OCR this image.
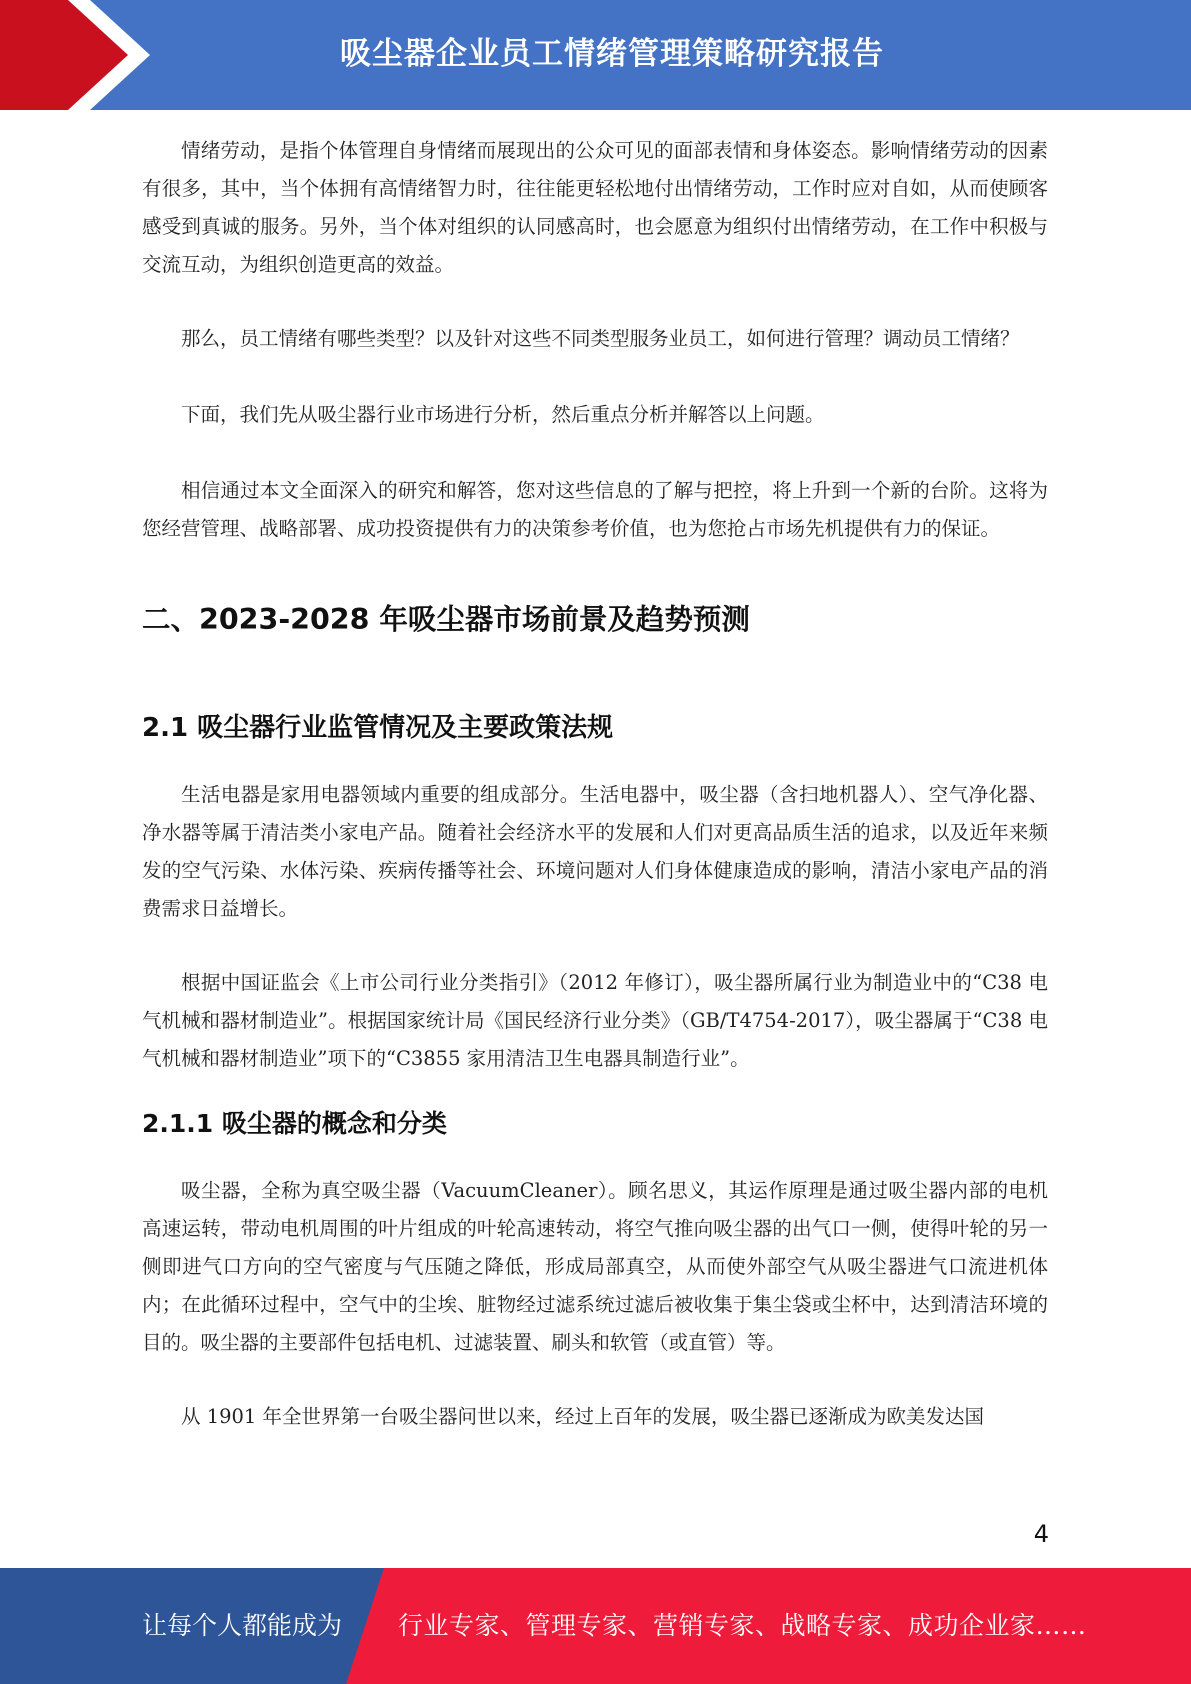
吸尘器企业员工情绪管理策略研究报告

情绪劳动，是指个体管理自身情绪而展现出的公众可见的面部表情和身体姿态。影响情绪劳动的因素有很多，其中，当个体拥有高情绪智力时，往往能更轻松地付出情绪劳动，工作时应对自如，从而使顾客感受到真诚的服务。另外，当个体对组织的认同感高时，也会愿意为组织付出情绪劳动，在工作中积极与交流互动，为组织创造更高的效益。

那么，员工情绪有哪些类型？以及针对这些不同类型服务业员工，如何进行管理？调动员工情绪？

下面，我们先从吸尘器行业市场进行分析，然后重点分析并解答以上问题。

相信通过本文全面深入的研究和解答，您对这些信息的了解与把控，将上升到一个新的台阶。这将为您经营管理、战略部署、成功投资提供有力的决策参考价值，也为您抢占市场先机提供有力的保证。

二、2023-2028 年吸尘器市场前景及趋势预测
2.1 吸尘器行业监管情况及主要政策法规

生活电器是家用电器领域内重要的组成部分。生活电器中，吸尘器（含扫地机器人）、空气净化器、净水器等属于清洁类小家电产品。随着社会经济水平的发展和人们对更高品质生活的追求，以及近年来频发的空气污染、水体污染、疾病传播等社会、环境问题对人们身体健康造成的影响，清洁小家电产品的消费需求日益增长。

根据中国证监会《上市公司行业分类指引》（2012 年修订），吸尘器所属行业为制造业中的“C38 电气机械和器材制造业”。根据国家统计局《国民经济行业分类》（GB/T4754-2017），吸尘器属于“C38 电气机械和器材制造业”项下的“C3855 家用清洁卫生电器具制造行业”。

2.1.1 吸尘器的概念和分类

吸尘器，全称为真空吸尘器（VacuumCleaner）。顾名思义，其运作原理是通过吸尘器内部的电机高速运转，带动电机周围的叶片组成的叶轮高速转动，将空气推向吸尘器的出气口一侧，使得叶轮的另一侧即进气口方向的空气密度与气压随之降低，形成局部真空，从而使外部空气从吸尘器进气口流进机体内；在此循环过程中，空气中的尘埃、脏物经过滤系统过滤后被收集于集尘袋或尘杯中，达到清洁环境的目的。吸尘器的主要部件包括电机、过滤装置、刷头和软管（或直管）等。

从 1901 年全世界第一台吸尘器问世以来，经过上百年的发展，吸尘器已逐渐成为欧美发达国

4
让每个人都能成为 行业专家、管理专家、营销专家、战略专家、成功企业家……
